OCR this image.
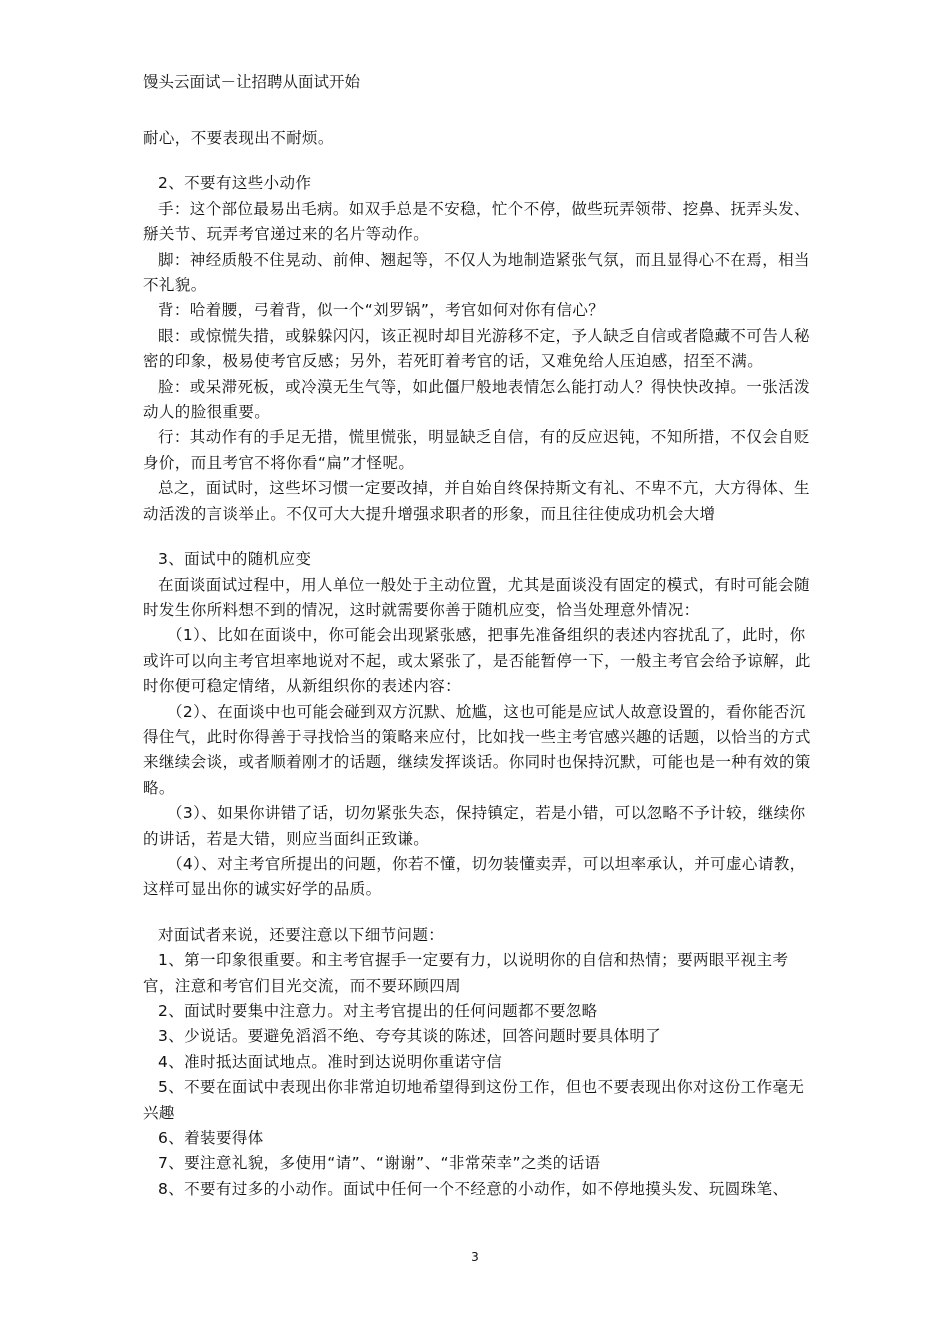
馒头云面试－让招聘从面试开始

耐心，不要表现出不耐烦。

2、不要有这些小动作

手：这个部位最易出毛病。如双手总是不安稳，忙个不停，做些玩弄领带、挖鼻、抚弄头发、掰关节、玩弄考官递过来的名片等动作。

脚：神经质般不住晃动、前伸、翘起等，不仅人为地制造紧张气氛，而且显得心不在焉，相当不礼貌。

背：哈着腰，弓着背，似一个“刘罗锅”，考官如何对你有信心？

眼：或惊慌失措，或躲躲闪闪，该正视时却目光游移不定，予人缺乏自信或者隐藏不可告人秘密的印象，极易使考官反感；另外，若死盯着考官的话，又难免给人压迫感，招至不满。

脸：或呆滞死板，或冷漠无生气等，如此僵尸般地表情怎么能打动人？得快快改掉。一张活泼动人的脸很重要。

行：其动作有的手足无措，慌里慌张，明显缺乏自信，有的反应迟钝，不知所措，不仅会自贬身价，而且考官不将你看“扁”才怪呢。

总之，面试时，这些坏习惯一定要改掉，并自始自终保持斯文有礼、不卑不亢，大方得体、生动活泼的言谈举止。不仅可大大提升增强求职者的形象，而且往往使成功机会大增

3、面试中的随机应变

在面谈面试过程中，用人单位一般处于主动位置，尤其是面谈没有固定的模式，有时可能会随时发生你所料想不到的情况，这时就需要你善于随机应变，恰当处理意外情况：

（1）、比如在面谈中，你可能会出现紧张感，把事先准备组织的表述内容扰乱了，此时，你或许可以向主考官坦率地说对不起，或太紧张了，是否能暂停一下，一般主考官会给予谅解，此时你便可稳定情绪，从新组织你的表述内容：

（2）、在面谈中也可能会碰到双方沉默、尬尴，这也可能是应试人故意设置的，看你能否沉得住气，此时你得善于寻找恰当的策略来应付，比如找一些主考官感兴趣的话题，以恰当的方式来继续会谈，或者顺着刚才的话题，继续发挥谈话。你同时也保持沉默，可能也是一种有效的策略。

（3）、如果你讲错了话，切勿紧张失态，保持镇定，若是小错，可以忽略不予计较，继续你的讲话，若是大错，则应当面纠正致谦。

（4）、对主考官所提出的问题，你若不懂，切勿装懂卖弄，可以坦率承认，并可虚心请教，这样可显出你的诚实好学的品质。

对面试者来说，还要注意以下细节问题：

1、第一印象很重要。和主考官握手一定要有力，以说明你的自信和热情；要两眼平视主考官，注意和考官们目光交流，而不要环顾四周

2、面试时要集中注意力。对主考官提出的任何问题都不要忽略

3、少说话。要避免滔滔不绝、夸夸其谈的陈述，回答问题时要具体明了

4、准时抵达面试地点。准时到达说明你重诺守信

5、不要在面试中表现出你非常迫切地希望得到这份工作，但也不要表现出你对这份工作毫无兴趣

6、着装要得体

7、要注意礼貌，多使用“请”、“谢谢”、“非常荣幸”之类的话语

8、不要有过多的小动作。面试中任何一个不经意的小动作，如不停地摸头发、玩圆珠笔、

3
